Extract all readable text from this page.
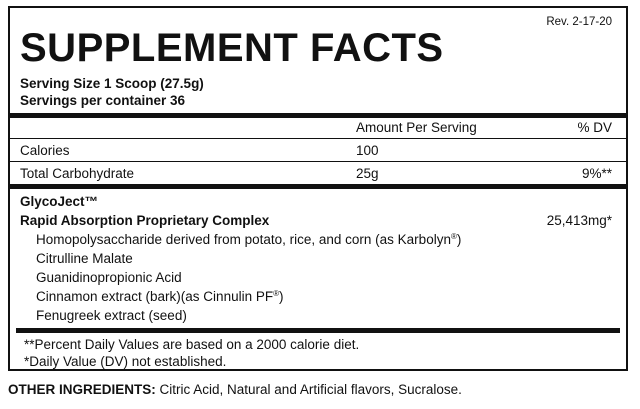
Rev. 2-17-20
SUPPLEMENT FACTS
Serving Size 1 Scoop (27.5g)
Servings per container 36
Amount Per Serving	% DV
Calories	100
Total Carbohydrate	25g	9%**
GlycoJect™
Rapid Absorption Proprietary Complex	25,413mg*
Homopolysaccharide derived from potato, rice, and corn (as Karbolyn®)
Citrulline Malate
Guanidinopropionic Acid
Cinnamon extract (bark)(as Cinnulin PF®)
Fenugreek extract (seed)
**Percent Daily Values are based on a 2000 calorie diet.
*Daily Value (DV) not established.
OTHER INGREDIENTS: Citric Acid, Natural and Artificial flavors, Sucralose.
